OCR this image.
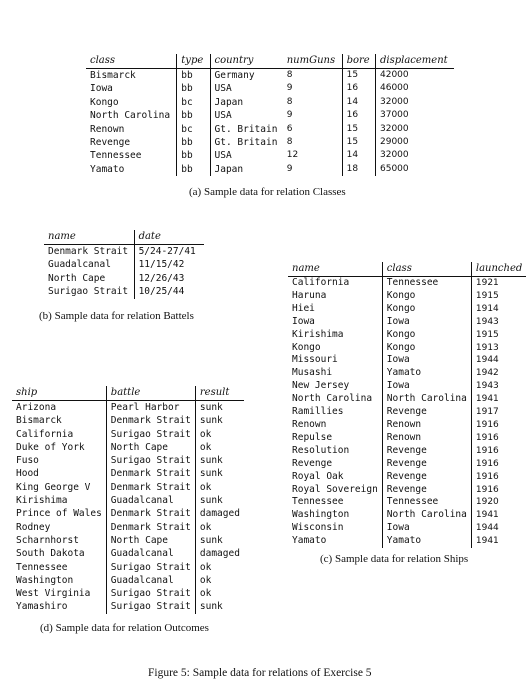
class	type	country	numGuns	bore	displacement
Bismarck	bb	Germany	8	15	42000
Iowa	bb	USA	9	16	46000
Kongo	bc	Japan	8	14	32000
North Carolina	bb	USA	9	16	37000
Renown	bc	Gt. Britain	6	15	32000
Revenge	bb	Gt. Britain	8	15	29000
Tennessee	bb	USA	12	14	32000
Yamato	bb	Japan	9	18	65000
(a) Sample data for relation Classes
name	date
Denmark Strait	5/24-27/41
Guadalcanal	11/15/42
North Cape	12/26/43
Surigao Strait	10/25/44
(b) Sample data for relation Battels
name	class	launched
California	Tennessee	1921
Haruna	Kongo	1915
Hiei	Kongo	1914
Iowa	Iowa	1943
Kirishima	Kongo	1915
Kongo	Kongo	1913
Missouri	Iowa	1944
Musashi	Yamato	1942
New Jersey	Iowa	1943
North Carolina	North Carolina	1941
Ramillies	Revenge	1917
Renown	Renown	1916
Repulse	Renown	1916
Resolution	Revenge	1916
Revenge	Revenge	1916
Royal Oak	Revenge	1916
Royal Sovereign	Revenge	1916
Tennessee	Tennessee	1920
Washington	North Carolina	1941
Wisconsin	Iowa	1944
Yamato	Yamato	1941
(c) Sample data for relation Ships
ship	battle	result
Arizona	Pearl Harbor	sunk
Bismarck	Denmark Strait	sunk
California	Surigao Strait	ok
Duke of York	North Cape	ok
Fuso	Surigao Strait	sunk
Hood	Denmark Strait	sunk
King George V	Denmark Strait	ok
Kirishima	Guadalcanal	sunk
Prince of Wales	Denmark Strait	damaged
Rodney	Denmark Strait	ok
Scharnhorst	North Cape	sunk
South Dakota	Guadalcanal	damaged
Tennessee	Surigao Strait	ok
Washington	Guadalcanal	ok
West Virginia	Surigao Strait	ok
Yamashiro	Surigao Strait	sunk
(d) Sample data for relation Outcomes
Figure 5: Sample data for relations of Exercise 5
